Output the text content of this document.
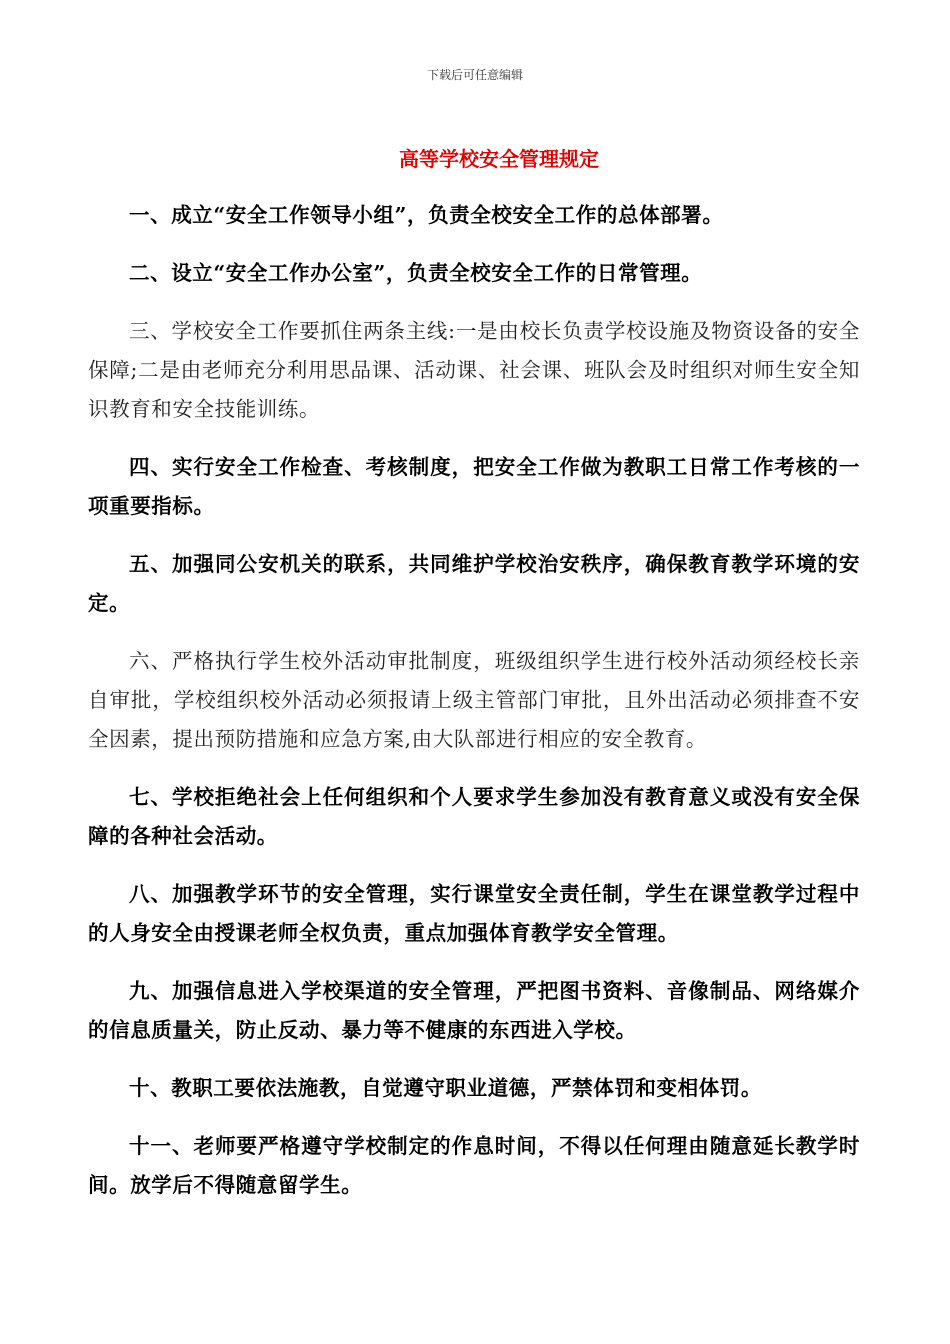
下载后可任意编辑
高等学校安全管理规定

一、成立“安全工作领导小组”，负责全校安全工作的总体部署。

二、设立“安全工作办公室”，负责全校安全工作的日常管理。

三、学校安全工作要抓住两条主线:一是由校长负责学校设施及物资设备的安全保障;二是由老师充分利用思品课、活动课、社会课、班队会及时组织对师生安全知识教育和安全技能训练。

四、实行安全工作检查、考核制度，把安全工作做为教职工日常工作考核的一项重要指标。

五、加强同公安机关的联系，共同维护学校治安秩序，确保教育教学环境的安定。

六、严格执行学生校外活动审批制度，班级组织学生进行校外活动须经校长亲自审批，学校组织校外活动必须报请上级主管部门审批，且外出活动必须排查不安全因素，提出预防措施和应急方案,由大队部进行相应的安全教育。

七、学校拒绝社会上任何组织和个人要求学生参加没有教育意义或没有安全保障的各种社会活动。

八、加强教学环节的安全管理，实行课堂安全责任制，学生在课堂教学过程中的人身安全由授课老师全权负责，重点加强体育教学安全管理。

九、加强信息进入学校渠道的安全管理，严把图书资料、音像制品、网络媒介的信息质量关，防止反动、暴力等不健康的东西进入学校。

十、教职工要依法施教，自觉遵守职业道德，严禁体罚和变相体罚。

十一、老师要严格遵守学校制定的作息时间，不得以任何理由随意延长教学时间。放学后不得随意留学生。
